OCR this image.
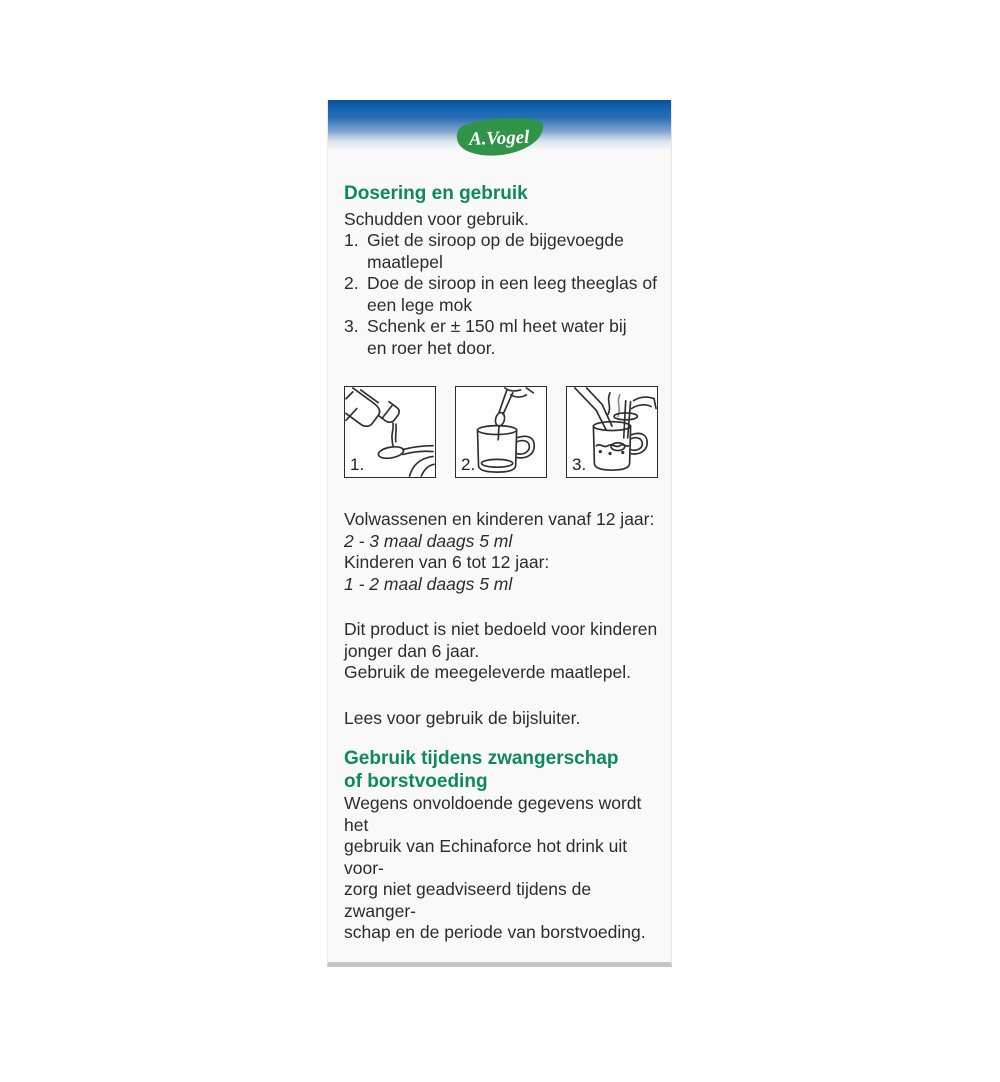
A.Vogel
Dosering en gebruik

Schudden voor gebruik.

1. Giet de siroop op de bijgevoegde
maatlepel
2. Doe de siroop in een leeg theeglas of
een lege mok
3. Schenk er ± 150 ml heet water bij
en roer het door.
1.	2.	3.
Volwassenen en kinderen vanaf 12 jaar:
2 - 3 maal daags 5 ml
Kinderen van 6 tot 12 jaar:
1 - 2 maal daags 5 ml
Dit product is niet bedoeld voor kinderen
jonger dan 6 jaar.
Gebruik de meegeleverde maatlepel.
Lees voor gebruik de bijsluiter.
Gebruik tijdens zwangerschap
of borstvoeding
Wegens onvoldoende gegevens wordt het
gebruik van Echinaforce hot drink uit voor-
zorg niet geadviseerd tijdens de zwanger-
schap en de periode van borstvoeding.
